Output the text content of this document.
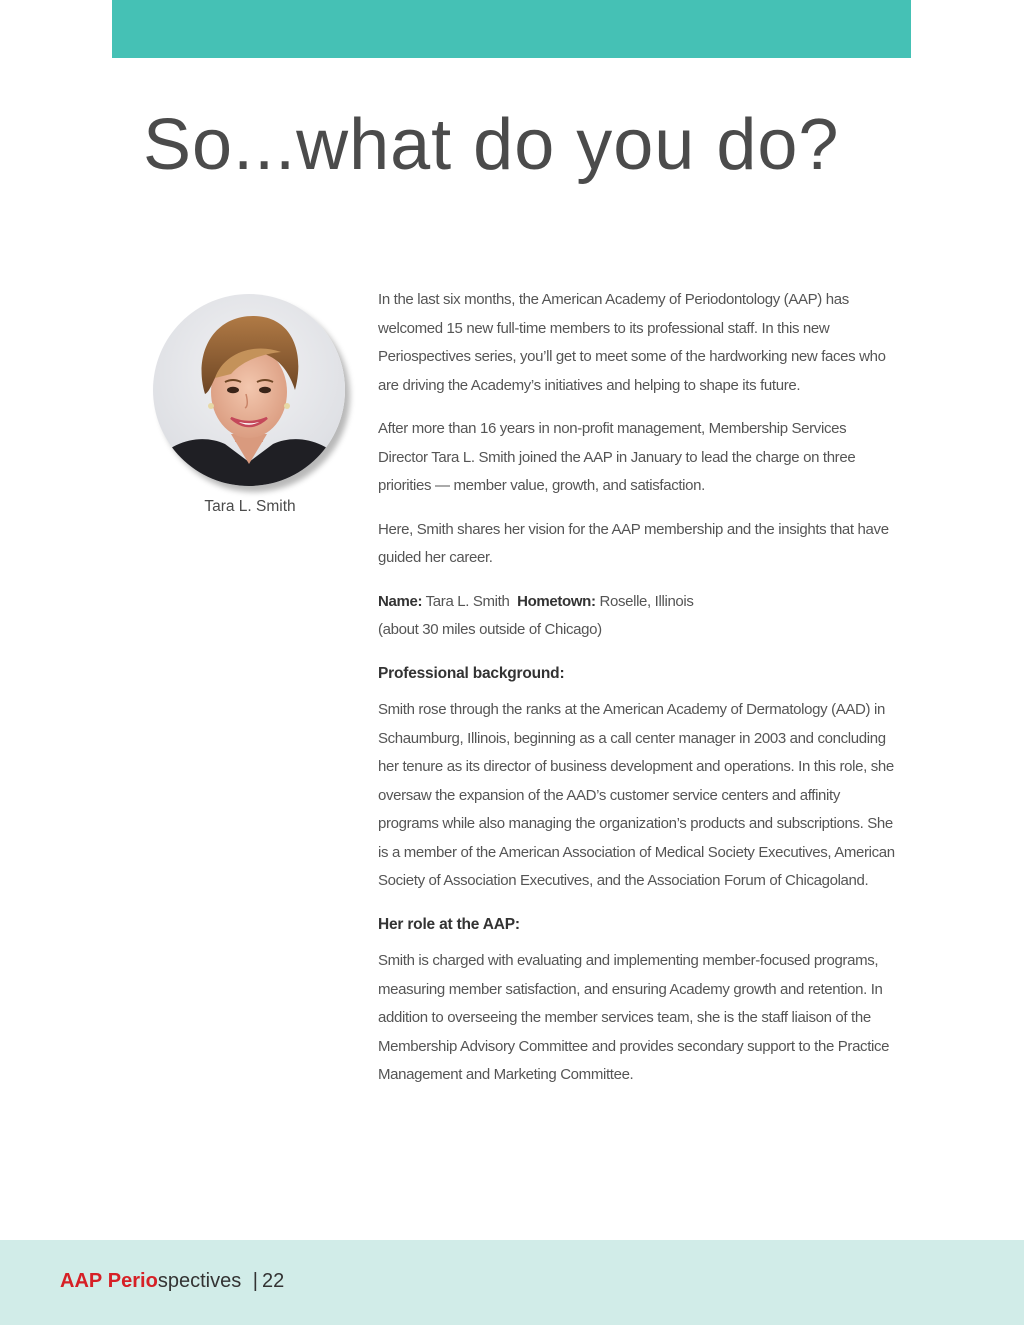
So...what do you do?
Tara L. Smith

In the last six months, the American Academy of Periodontology (AAP) has welcomed 15 new full-time members to its professional staff. In this new Periospectives series, you’ll get to meet some of the hardworking new faces who are driving the Academy’s initiatives and helping to shape its future.

After more than 16 years in non-profit management, Membership Services Director Tara L. Smith joined the AAP in January to lead the charge on three priorities — member value, growth, and satisfaction.

Here, Smith shares her vision for the AAP membership and the insights that have guided her career.

Name: Tara L. Smith Hometown: Roselle, Illinois
(about 30 miles outside of Chicago)

Professional background:

Smith rose through the ranks at the American Academy of Dermatology (AAD) in Schaumburg, Illinois, beginning as a call center manager in 2003 and concluding her tenure as its director of business development and operations. In this role, she oversaw the expansion of the AAD’s customer service centers and affinity programs while also managing the organization’s products and subscriptions. She is a member of the American Association of Medical Society Executives, American Society of Association Executives, and the Association Forum of Chicagoland.

Her role at the AAP:

Smith is charged with evaluating and implementing member-focused programs, measuring member satisfaction, and ensuring Academy growth and retention. In addition to overseeing the member services team, she is the staff liaison of the Membership Advisory Committee and provides secondary support to the Practice Management and Marketing Committee.

AAP Periospectives | 22
